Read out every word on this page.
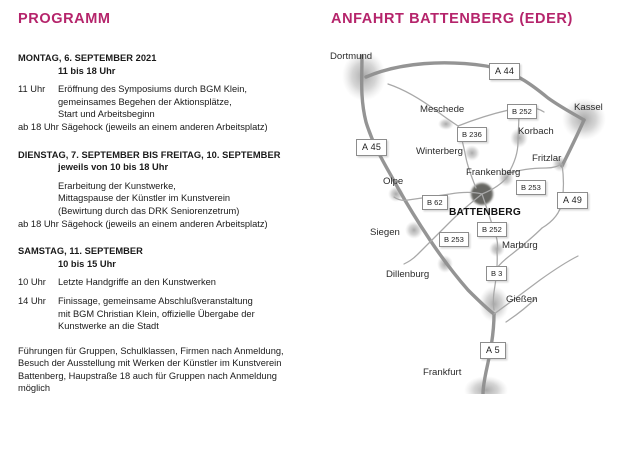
PROGRAMM
MONTAG, 6. SEPTEMBER 2021
11 bis 18 Uhr
11 Uhr	Eröffnung des Symposiums durch BGM Klein,
gemeinsames Begehen der Aktionsplätze,
Start und Arbeitsbeginn
ab 18 Uhr Sägehock (jeweils an einem anderen Arbeitsplatz)
DIENSTAG, 7. SEPTEMBER BIS FREITAG, 10. SEPTEMBER
jeweils von 10 bis 18 Uhr
Erarbeitung der Kunstwerke,
Mittagspause der Künstler im Kunstverein
(Bewirtung durch das DRK Seniorenzetrum)
ab 18 Uhr Sägehock (jeweils an einem anderen Arbeitsplatz)
SAMSTAG, 11. SEPTEMBER
10 bis 15 Uhr
10 Uhr	Letzte Handgriffe an den Kunstwerken
14 Uhr	Finissage, gemeinsame Abschlußveranstaltung
mit BGM Christian Klein, offizielle Übergabe der
Kunstwerke an die Stadt
Führungen für Gruppen, Schulklassen, Firmen nach Anmeldung, Besuch der Ausstellung mit Werken der Künstler im Kunstverein Battenberg, Haupstraße 18 auch für Gruppen nach Anmeldung möglich
ANFAHRT BATTENBERG (EDER)
Dortmund
Meschede	Kassel
Korbach
Winterberg
Fritzlar
Frankenberg
Olpe
BATTENBERG
Siegen
Marburg
Dillenburg
Gießen
Frankfurt
A 44
B 252
B 236
A 45
B 253
A 49
B 62
B 252
B 253
B 3
A 5
